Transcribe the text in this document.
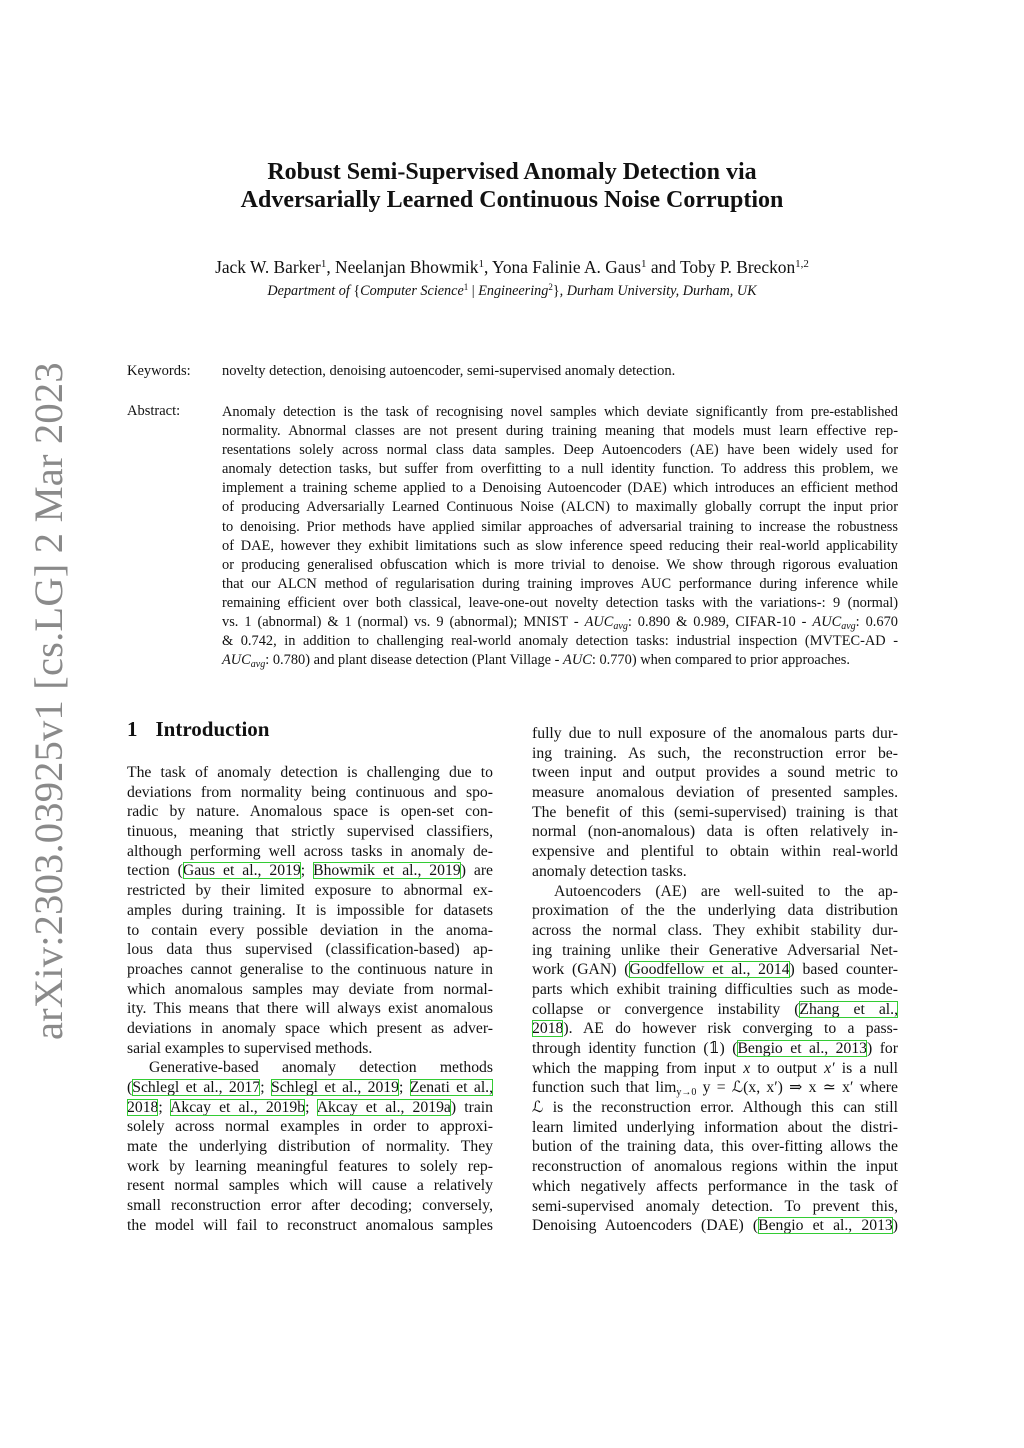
arXiv:2303.03925v1 [cs.LG] 2 Mar 2023
Robust Semi-Supervised Anomaly Detection via
Adversarially Learned Continuous Noise Corruption
Jack W. Barker$^1$, Neelanjan Bhowmik$^1$, Yona Falinie A. Gaus$^1$ and Toby P. Breckon$^{1,2}$
Department of {Computer Science$^1$ | Engineering$^2$}, Durham University, Durham, UK
Keywords: novelty detection, denoising autoencoder, semi-supervised anomaly detection.
Abstract:	Anomaly detection is the task of recognising novel samples which deviate significantly from pre-established
normality. Abnormal classes are not present during training meaning that models must learn effective rep-
resentations solely across normal class data samples. Deep Autoencoders (AE) have been widely used for
anomaly detection tasks, but suffer from overfitting to a null identity function. To address this problem, we
implement a training scheme applied to a Denoising Autoencoder (DAE) which introduces an efficient method
of producing Adversarially Learned Continuous Noise (ALCN) to maximally globally corrupt the input prior
to denoising. Prior methods have applied similar approaches of adversarial training to increase the robustness
of DAE, however they exhibit limitations such as slow inference speed reducing their real-world applicability
or producing generalised obfuscation which is more trivial to denoise. We show through rigorous evaluation
that our ALCN method of regularisation during training improves AUC performance during inference while
remaining efficient over both classical, leave-one-out novelty detection tasks with the variations-: 9 (normal)
vs. 1 (abnormal) & 1 (normal) vs. 9 (abnormal); MNIST - $AUC_{avg}$: 0.890 & 0.989, CIFAR-10 - $AUC_{avg}$: 0.670
& 0.742, in addition to challenging real-world anomaly detection tasks: industrial inspection (MVTEC-AD -
$AUC_{avg}$: 0.780) and plant disease detection (Plant Village - AUC: 0.770) when compared to prior approaches.
1 Introduction
The task of anomaly detection is challenging due to
deviations from normality being continuous and spo-
radic by nature. Anomalous space is open-set con-
tinuous, meaning that strictly supervised classifiers,
although performing well across tasks in anomaly de-
tection (Gaus et al., 2019; Bhowmik et al., 2019) are
restricted by their limited exposure to abnormal ex-
amples during training. It is impossible for datasets
to contain every possible deviation in the anoma-
lous data thus supervised (classification-based) ap-
proaches cannot generalise to the continuous nature in
which anomalous samples may deviate from normal-
ity. This means that there will always exist anomalous
deviations in anomaly space which present as adver-
sarial examples to supervised methods.
Generative-based anomaly detection methods
(Schlegl et al., 2017; Schlegl et al., 2019; Zenati et al.,
2018; Akcay et al., 2019b; Akcay et al., 2019a) train
solely across normal examples in order to approxi-
mate the underlying distribution of normality. They
work by learning meaningful features to solely rep-
resent normal samples which will cause a relatively
small reconstruction error after decoding; conversely,
the model will fail to reconstruct anomalous samples
fully due to null exposure of the anomalous parts dur-
ing training. As such, the reconstruction error be-
tween input and output provides a sound metric to
measure anomalous deviation of presented samples.
The benefit of this (semi-supervised) training is that
normal (non-anomalous) data is often relatively in-
expensive and plentiful to obtain within real-world
anomaly detection tasks.
Autoencoders (AE) are well-suited to the ap-
proximation of the the underlying data distribution
across the normal class. They exhibit stability dur-
ing training unlike their Generative Adversarial Net-
work (GAN) (Goodfellow et al., 2014) based counter-
parts which exhibit training difficulties such as mode-
collapse or convergence instability (Zhang et al.,
2018). AE do however risk converging to a pass-
through identity function (𝟙) (Bengio et al., 2013) for
which the mapping from input x to output x′ is a null
function such that $\lim_{y\to 0} y$ = ℒ(x, x′) ⇒ x ≃ x′ where
ℒ is the reconstruction error. Although this can still
learn limited underlying information about the distri-
bution of the training data, this over-fitting allows the
reconstruction of anomalous regions within the input
which negatively affects performance in the task of
semi-supervised anomaly detection. To prevent this,
Denoising Autoencoders (DAE) (Bengio et al., 2013)
